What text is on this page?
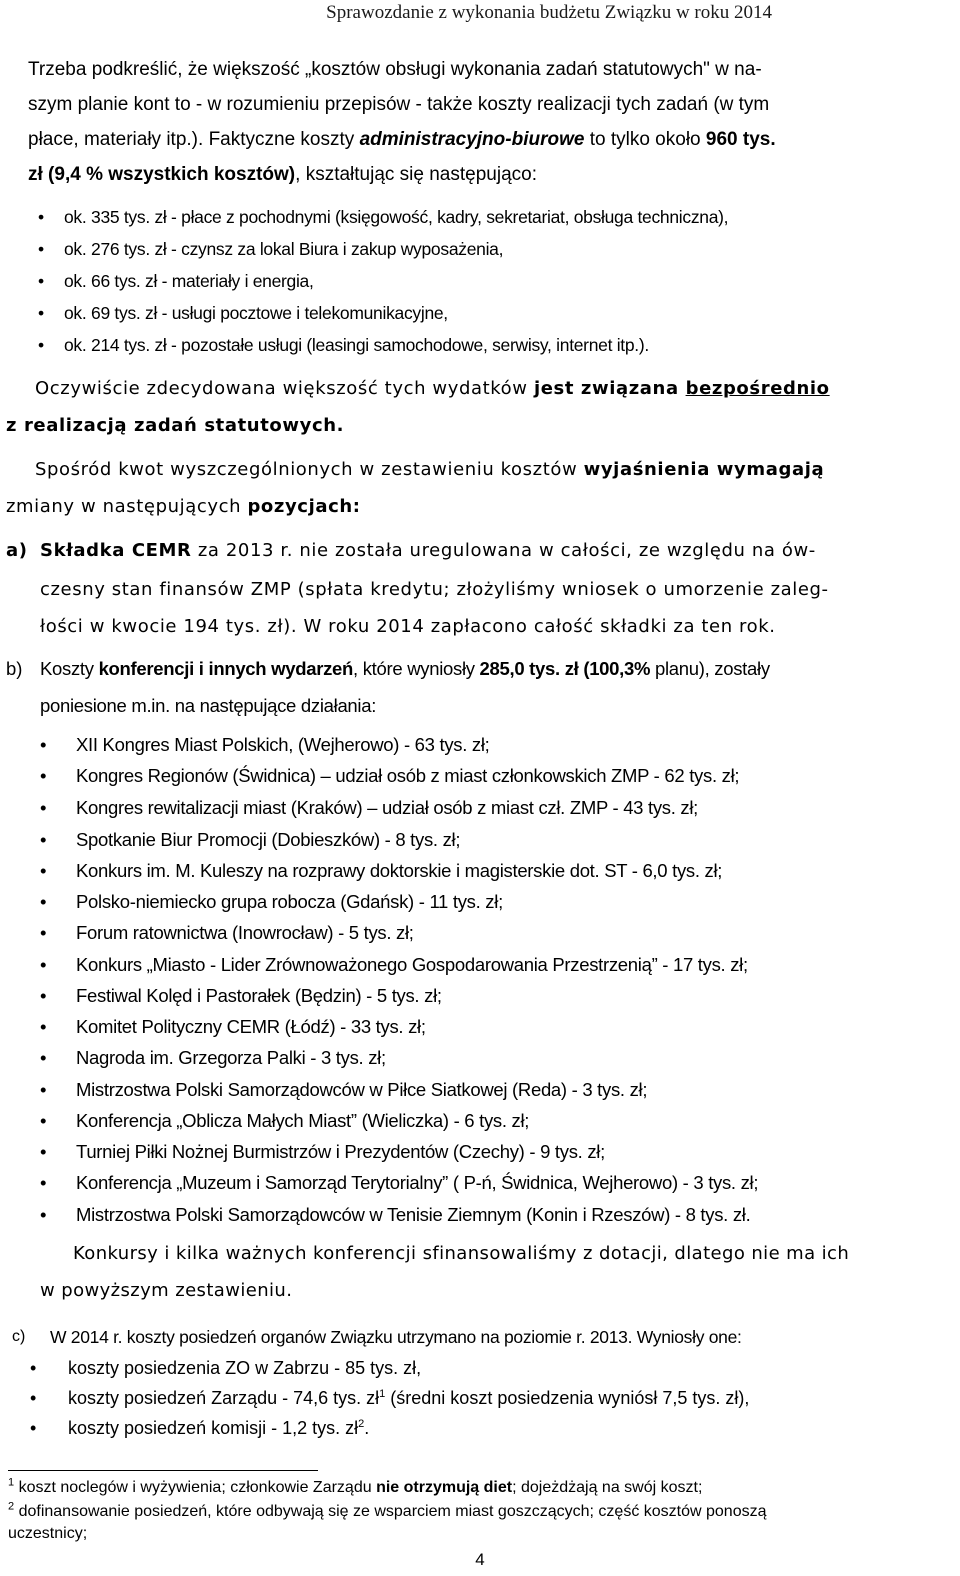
Sprawozdanie z wykonania budżetu Związku w roku 2014
Trzeba podkreślić, że większość „kosztów obsługi wykonania zadań statutowych" w na-
szym planie kont to - w rozumieniu przepisów - także koszty realizacji tych zadań (w tym
płace, materiały itp.). Faktyczne koszty administracyjno-biurowe to tylko około 960 tys.
zł (9,4 % wszystkich kosztów), kształtując się następująco:
• ok. 335 tys. zł - płace z pochodnymi (księgowość, kadry, sekretariat, obsługa techniczna),
• ok. 276 tys. zł - czynsz za lokal Biura i zakup wyposażenia,
• ok. 66 tys. zł - materiały i energia,
• ok. 69 tys. zł - usługi pocztowe i telekomunikacyjne,
• ok. 214 tys. zł - pozostałe usługi (leasingi samochodowe, serwisy, internet itp.).
Oczywiście zdecydowana większość tych wydatków jest związana bezpośrednio
z realizacją zadań statutowych.
Spośród kwot wyszczególnionych w zestawieniu kosztów wyjaśnienia wymagają
zmiany w następujących pozycjach:
a) Składka CEMR za 2013 r. nie została uregulowana w całości, ze względu na ów-
czesny stan finansów ZMP (spłata kredytu; złożyliśmy wniosek o umorzenie zaleg-
łości w kwocie 194 tys. zł). W roku 2014 zapłacono całość składki za ten rok.
b) Koszty konferencji i innych wydarzeń, które wyniosły 285,0 tys. zł (100,3% planu), zostały
poniesione m.in. na następujące działania:
• XII Kongres Miast Polskich, (Wejherowo) - 63 tys. zł;
• Kongres Regionów (Świdnica) – udział osób z miast członkowskich ZMP - 62 tys. zł;
• Kongres rewitalizacji miast (Kraków) – udział osób z miast czł. ZMP - 43 tys. zł;
• Spotkanie Biur Promocji (Dobieszków) - 8 tys. zł;
• Konkurs im. M. Kuleszy na rozprawy doktorskie i magisterskie dot. ST - 6,0 tys. zł;
• Polsko-niemiecko grupa robocza (Gdańsk) - 11 tys. zł;
• Forum ratownictwa (Inowrocław) - 5 tys. zł;
• Konkurs „Miasto - Lider Zrównoważonego Gospodarowania Przestrzenią” - 17 tys. zł;
• Festiwal Kolęd i Pastorałek (Będzin) - 5 tys. zł;
• Komitet Polityczny CEMR (Łódź) - 33 tys. zł;
• Nagroda im. Grzegorza Palki - 3 tys. zł;
• Mistrzostwa Polski Samorządowców w Piłce Siatkowej (Reda) - 3 tys. zł;
• Konferencja „Oblicza Małych Miast” (Wieliczka) - 6 tys. zł;
• Turniej Piłki Nożnej Burmistrzów i Prezydentów (Czechy) - 9 tys. zł;
• Konferencja „Muzeum i Samorząd Terytorialny” ( P-ń, Świdnica, Wejherowo) - 3 tys. zł;
• Mistrzostwa Polski Samorządowców w Tenisie Ziemnym (Konin i Rzeszów) - 8 tys. zł.
Konkursy i kilka ważnych konferencji sfinansowaliśmy z dotacji, dlatego nie ma ich
w powyższym zestawieniu.
c)	W 2014 r. koszty posiedzeń organów Związku utrzymano na poziomie r. 2013. Wyniosły one:
• koszty posiedzenia ZO w Zabrzu - 85 tys. zł,
• koszty posiedzeń Zarządu - 74,6 tys. $zł^1$ (średni koszt posiedzenia wyniósł 7,5 tys. zł),
• koszty posiedzeń komisji - 1,2 tys. $zł^2$.
$^1$ koszt noclegów i wyżywienia; członkowie Zarządu nie otrzymują diet; dojeżdżają na swój koszt;
$^2$ dofinansowanie posiedzeń, które odbywają się ze wsparciem miast goszczących; część kosztów ponoszą
uczestnicy;
4
